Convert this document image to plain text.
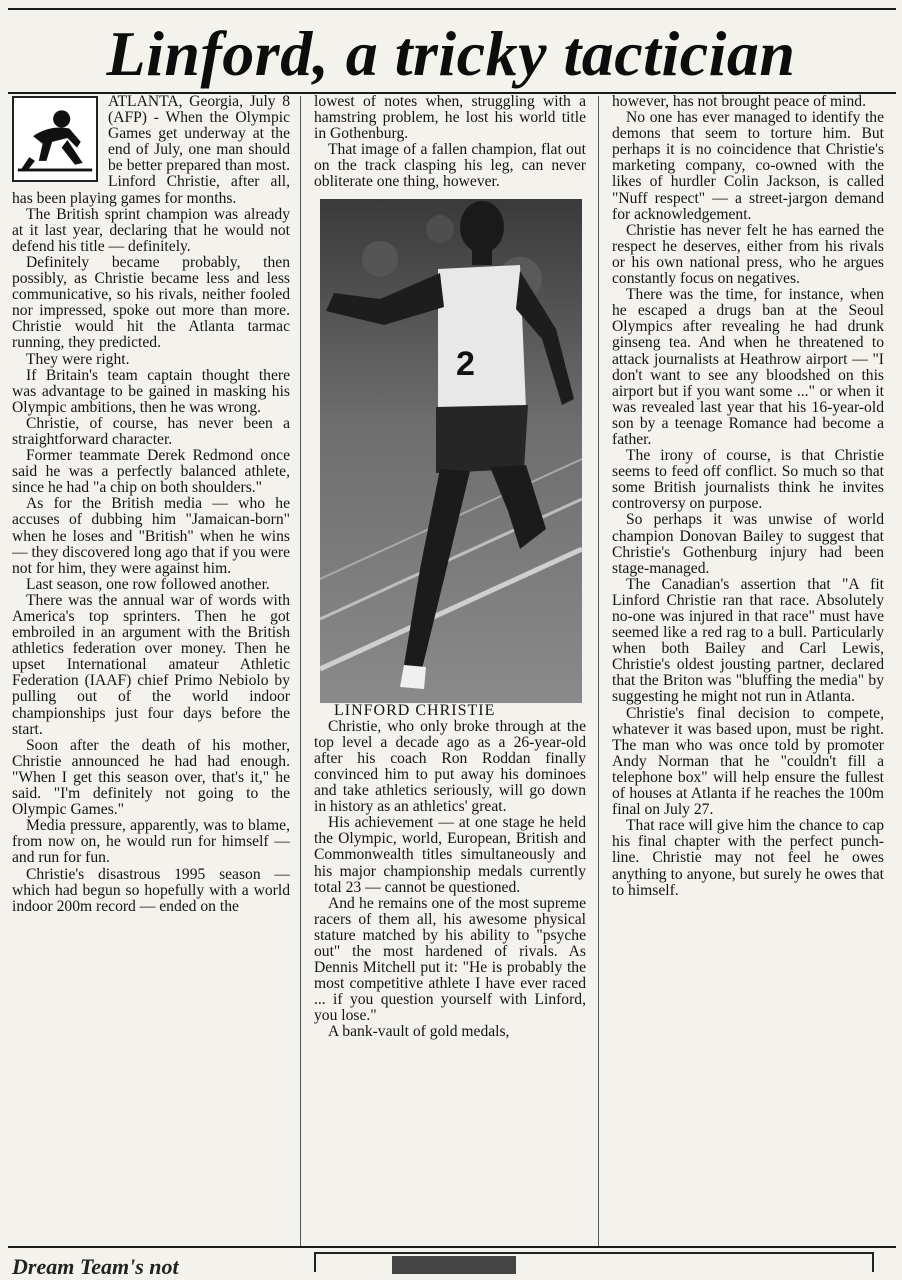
Linford, a tricky tactician

ATLANTA, Georgia, July 8 (AFP) - When the Olympic Games get underway at the end of July, one man should be better prepared than most. Linford Christie, after all, has been playing games for months.

The British sprint champion was already at it last year, declaring that he would not defend his title — definitely.

Definitely became probably, then possibly, as Christie became less and less communicative, so his rivals, neither fooled nor impressed, spoke out more than more. Christie would hit the Atlanta tarmac running, they predicted.

They were right.

If Britain's team captain thought there was advantage to be gained in masking his Olympic ambitions, then he was wrong.

Christie, of course, has never been a straightforward character.

Former teammate Derek Redmond once said he was a perfectly balanced athlete, since he had "a chip on both shoulders."

As for the British media — who he accuses of dubbing him "Jamaican-born" when he loses and "British" when he wins — they discovered long ago that if you were not for him, they were against him.

Last season, one row followed another.

There was the annual war of words with America's top sprinters. Then he got embroiled in an argument with the British athletics federation over money. Then he upset International amateur Athletic Federation (IAAF) chief Primo Nebiolo by pulling out of the world indoor championships just four days before the start.

Soon after the death of his mother, Christie announced he had had enough. "When I get this season over, that's it," he said. "I'm definitely not going to the Olympic Games."

Media pressure, apparently, was to blame, from now on, he would run for himself — and run for fun.

Christie's disastrous 1995 season — which had begun so hopefully with a world indoor 200m record — ended on the

lowest of notes when, struggling with a hamstring problem, he lost his world title in Gothenburg.

That image of a fallen champion, flat out on the track clasping his leg, can never obliterate one thing, however.

2

LINFORD CHRISTIE

Christie, who only broke through at the top level a decade ago as a 26-year-old after his coach Ron Roddan finally convinced him to put away his dominoes and take athletics seriously, will go down in history as an athletics' great.

His achievement — at one stage he held the Olympic, world, European, British and Commonwealth titles simultaneously and his major championship medals currently total 23 — cannot be questioned.

And he remains one of the most supreme racers of them all, his awesome physical stature matched by his ability to "psyche out" the most hardened of rivals. As Dennis Mitchell put it: "He is probably the most competitive athlete I have ever raced ... if you question yourself with Linford, you lose."

A bank-vault of gold medals,

however, has not brought peace of mind.

No one has ever managed to identify the demons that seem to torture him. But perhaps it is no coincidence that Christie's marketing company, co-owned with the likes of hurdler Colin Jackson, is called "Nuff respect" — a street-jargon demand for acknowledgement.

Christie has never felt he has earned the respect he deserves, either from his rivals or his own national press, who he argues constantly focus on negatives.

There was the time, for instance, when he escaped a drugs ban at the Seoul Olympics after revealing he had drunk ginseng tea. And when he threatened to attack journalists at Heathrow airport — "I don't want to see any bloodshed on this airport but if you want some ..." or when it was revealed last year that his 16-year-old son by a teenage Romance had become a father.

The irony of course, is that Christie seems to feed off conflict. So much so that some British journalists think he invites controversy on purpose.

So perhaps it was unwise of world champion Donovan Bailey to suggest that Christie's Gothenburg injury had been stage-managed.

The Canadian's assertion that "A fit Linford Christie ran that race. Absolutely no-one was injured in that race" must have seemed like a red rag to a bull. Particularly when both Bailey and Carl Lewis, Christie's oldest jousting partner, declared that the Briton was "bluffing the media" by suggesting he might not run in Atlanta.

Christie's final decision to compete, whatever it was based upon, must be right. The man who was once told by promoter Andy Norman that he "couldn't fill a telephone box" will help ensure the fullest of houses at Atlanta if he reaches the 100m final on July 27.

That race will give him the chance to cap his final chapter with the perfect punch-line. Christie may not feel he owes anything to anyone, but surely he owes that to himself.

Dream Team's not
